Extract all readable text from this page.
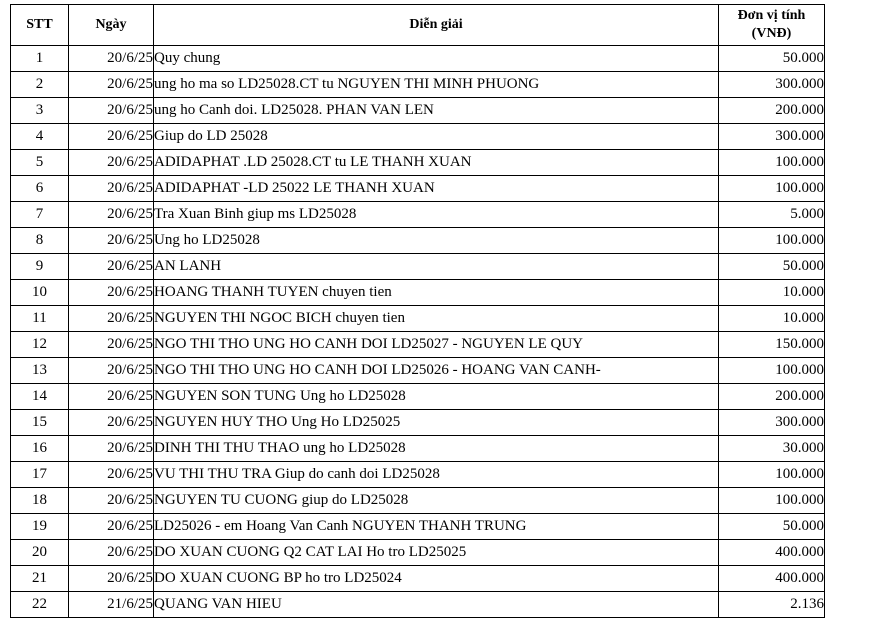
STT	Ngày	Diễn giải	Đơn vị tính
(VNĐ)

1	20/6/25	Quy chung	50.000
2	20/6/25	ung ho ma so LD25028.CT tu NGUYEN THI MINH PHUONG	300.000
3	20/6/25	ung ho Canh doi. LD25028. PHAN VAN LEN	200.000
4	20/6/25	Giup do LD 25028	300.000
5	20/6/25	ADIDAPHAT .LD 25028.CT tu LE THANH XUAN	100.000
6	20/6/25	ADIDAPHAT -LD 25022 LE THANH XUAN	100.000
7	20/6/25	Tra Xuan Binh giup ms LD25028	5.000
8	20/6/25	Ung ho LD25028	100.000
9	20/6/25	AN LANH	50.000
10	20/6/25	HOANG THANH TUYEN chuyen tien	10.000
11	20/6/25	NGUYEN THI NGOC BICH chuyen tien	10.000
12	20/6/25	NGO THI THO UNG HO CANH DOI LD25027 - NGUYEN LE QUY	150.000
13	20/6/25	NGO THI THO UNG HO CANH DOI LD25026 - HOANG VAN CANH-	100.000
14	20/6/25	NGUYEN SON TUNG Ung ho LD25028	200.000
15	20/6/25	NGUYEN HUY THO Ung Ho LD25025	300.000
16	20/6/25	DINH THI THU THAO ung ho LD25028	30.000
17	20/6/25	VU THI THU TRA Giup do canh doi LD25028	100.000
18	20/6/25	NGUYEN TU CUONG giup do LD25028	100.000
19	20/6/25	LD25026 - em Hoang Van Canh NGUYEN THANH TRUNG	50.000
20	20/6/25	DO XUAN CUONG Q2 CAT LAI Ho tro LD25025	400.000
21	20/6/25	DO XUAN CUONG BP ho tro LD25024	400.000
22	21/6/25	QUANG VAN HIEU	2.136
